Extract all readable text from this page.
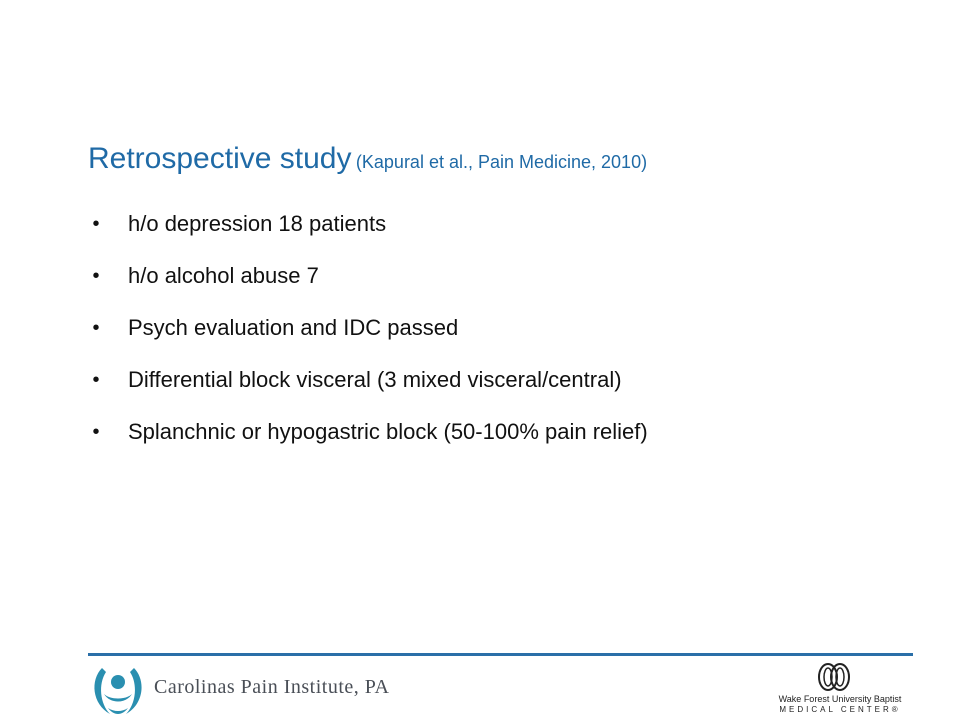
Retrospective study (Kapural et al., Pain Medicine, 2010)
• h/o depression 18 patients
• h/o alcohol abuse 7
• Psych evaluation and IDC passed
• Differential block visceral (3 mixed visceral/central)
• Splanchnic or hypogastric block (50-100% pain relief)
Carolinas Pain Institute, PA
Wake Forest University Baptist
MEDICAL CENTER®
